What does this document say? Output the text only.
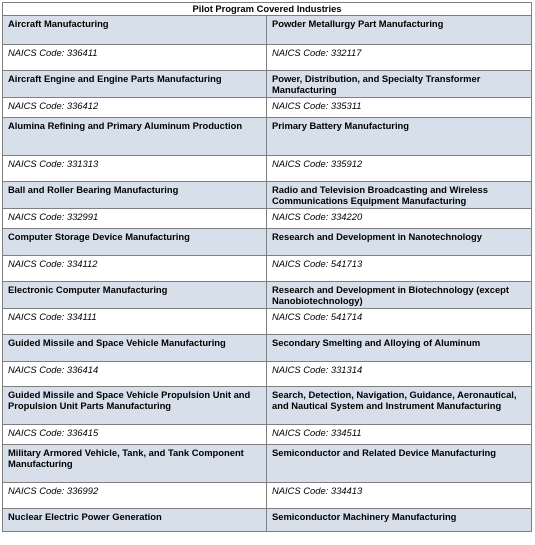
Pilot Program Covered Industries	
Aircraft Manufacturing	Powder Metallurgy Part Manufacturing
NAICS Code: 336411	NAICS Code: 332117
Aircraft Engine and Engine Parts Manufacturing	Power, Distribution, and Specialty Transformer Manufacturing
NAICS Code: 336412	NAICS Code: 335311
Alumina Refining and Primary Aluminum Production	Primary Battery Manufacturing
NAICS Code: 331313	NAICS Code: 335912
Ball and Roller Bearing Manufacturing	Radio and Television Broadcasting and Wireless Communications Equipment Manufacturing
NAICS Code: 332991	NAICS Code: 334220
Computer Storage Device Manufacturing	Research and Development in Nanotechnology
NAICS Code: 334112	NAICS Code: 541713
Electronic Computer Manufacturing	Research and Development in Biotechnology (except Nanobiotechnology)
NAICS Code: 334111	NAICS Code: 541714
Guided Missile and Space Vehicle Manufacturing	Secondary Smelting and Alloying of Aluminum
NAICS Code: 336414	NAICS Code: 331314
Guided Missile and Space Vehicle Propulsion Unit and Propulsion Unit Parts Manufacturing	Search, Detection, Navigation, Guidance, Aeronautical, and Nautical System and Instrument Manufacturing
NAICS Code: 336415	NAICS Code: 334511
Military Armored Vehicle, Tank, and Tank Component Manufacturing	Semiconductor and Related Device Manufacturing
NAICS Code: 336992	NAICS Code: 334413
Nuclear Electric Power Generation	Semiconductor Machinery Manufacturing
